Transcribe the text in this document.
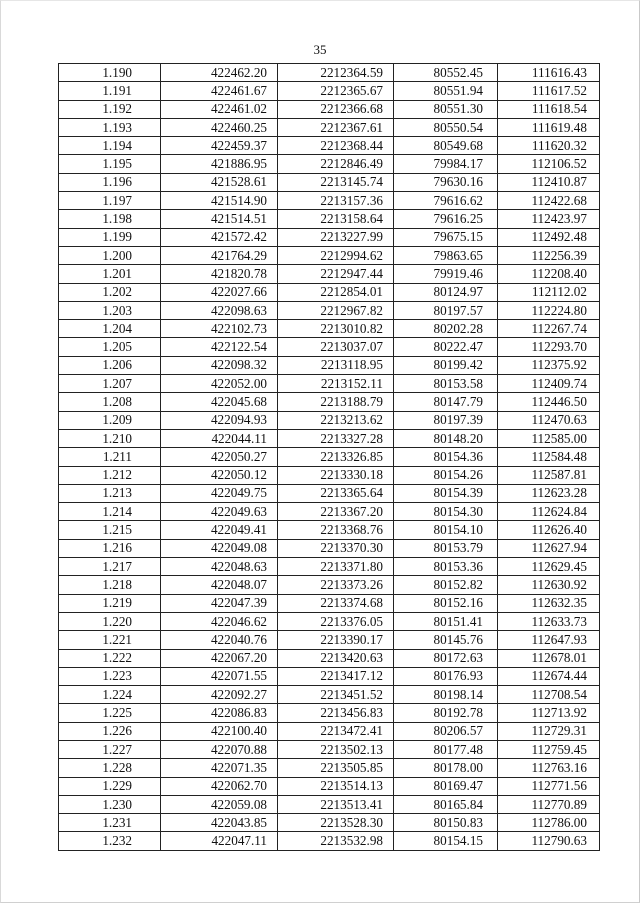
35
1.190	422462.20	2212364.59	80552.45	111616.43
1.191	422461.67	2212365.67	80551.94	111617.52
1.192	422461.02	2212366.68	80551.30	111618.54
1.193	422460.25	2212367.61	80550.54	111619.48
1.194	422459.37	2212368.44	80549.68	111620.32
1.195	421886.95	2212846.49	79984.17	112106.52
1.196	421528.61	2213145.74	79630.16	112410.87
1.197	421514.90	2213157.36	79616.62	112422.68
1.198	421514.51	2213158.64	79616.25	112423.97
1.199	421572.42	2213227.99	79675.15	112492.48
1.200	421764.29	2212994.62	79863.65	112256.39
1.201	421820.78	2212947.44	79919.46	112208.40
1.202	422027.66	2212854.01	80124.97	112112.02
1.203	422098.63	2212967.82	80197.57	112224.80
1.204	422102.73	2213010.82	80202.28	112267.74
1.205	422122.54	2213037.07	80222.47	112293.70
1.206	422098.32	2213118.95	80199.42	112375.92
1.207	422052.00	2213152.11	80153.58	112409.74
1.208	422045.68	2213188.79	80147.79	112446.50
1.209	422094.93	2213213.62	80197.39	112470.63
1.210	422044.11	2213327.28	80148.20	112585.00
1.211	422050.27	2213326.85	80154.36	112584.48
1.212	422050.12	2213330.18	80154.26	112587.81
1.213	422049.75	2213365.64	80154.39	112623.28
1.214	422049.63	2213367.20	80154.30	112624.84
1.215	422049.41	2213368.76	80154.10	112626.40
1.216	422049.08	2213370.30	80153.79	112627.94
1.217	422048.63	2213371.80	80153.36	112629.45
1.218	422048.07	2213373.26	80152.82	112630.92
1.219	422047.39	2213374.68	80152.16	112632.35
1.220	422046.62	2213376.05	80151.41	112633.73
1.221	422040.76	2213390.17	80145.76	112647.93
1.222	422067.20	2213420.63	80172.63	112678.01
1.223	422071.55	2213417.12	80176.93	112674.44
1.224	422092.27	2213451.52	80198.14	112708.54
1.225	422086.83	2213456.83	80192.78	112713.92
1.226	422100.40	2213472.41	80206.57	112729.31
1.227	422070.88	2213502.13	80177.48	112759.45
1.228	422071.35	2213505.85	80178.00	112763.16
1.229	422062.70	2213514.13	80169.47	112771.56
1.230	422059.08	2213513.41	80165.84	112770.89
1.231	422043.85	2213528.30	80150.83	112786.00
1.232	422047.11	2213532.98	80154.15	112790.63
